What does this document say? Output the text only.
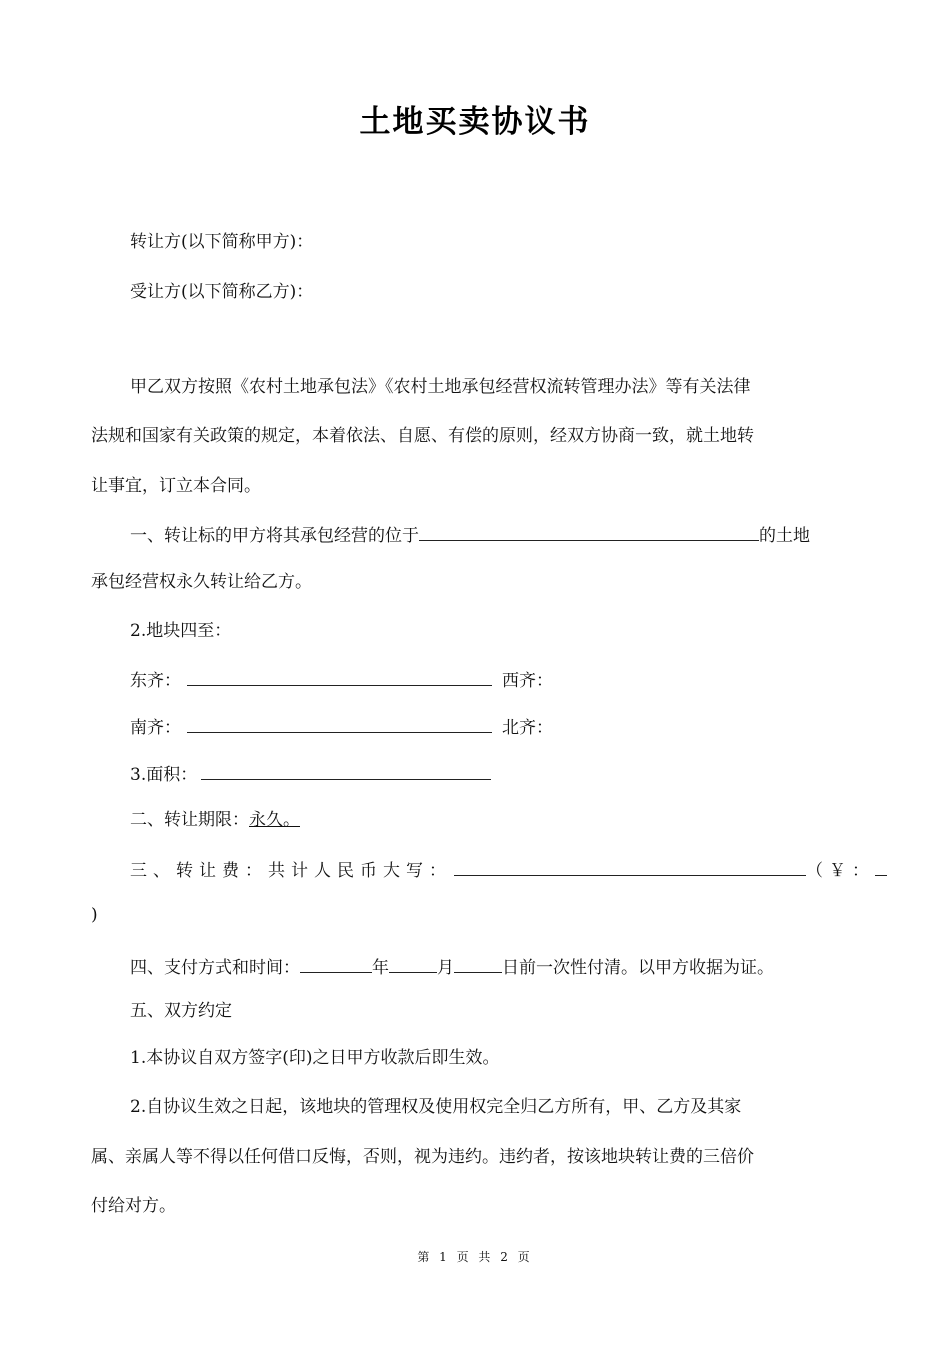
土地买卖协议书
转让方(以下简称甲方)：
受让方(以下简称乙方)：
甲乙双方按照《农村土地承包法》《农村土地承包经营权流转管理办法》等有关法律
法规和国家有关政策的规定，本着依法、自愿、有偿的原则，经双方协商一致，就土地转
让事宜，订立本合同。
一、转让标的甲方将其承包经营的位于	的土地
承包经营权永久转让给乙方。
2.地块四至：
东齐：	西齐：
南齐：	北齐：
3.面积：
二、转让期限：永久。
三、转让费：共计人民币大写：	（￥：
)
四、支付方式和时间：	年	月	日前一次性付清。以甲方收据为证。
五、双方约定
1.本协议自双方签字(印)之日甲方收款后即生效。
2.自协议生效之日起，该地块的管理权及使用权完全归乙方所有，甲、乙方及其家
属、亲属人等不得以任何借口反悔，否则，视为违约。违约者，按该地块转让费的三倍价
付给对方。
第 1 页 共 2 页
